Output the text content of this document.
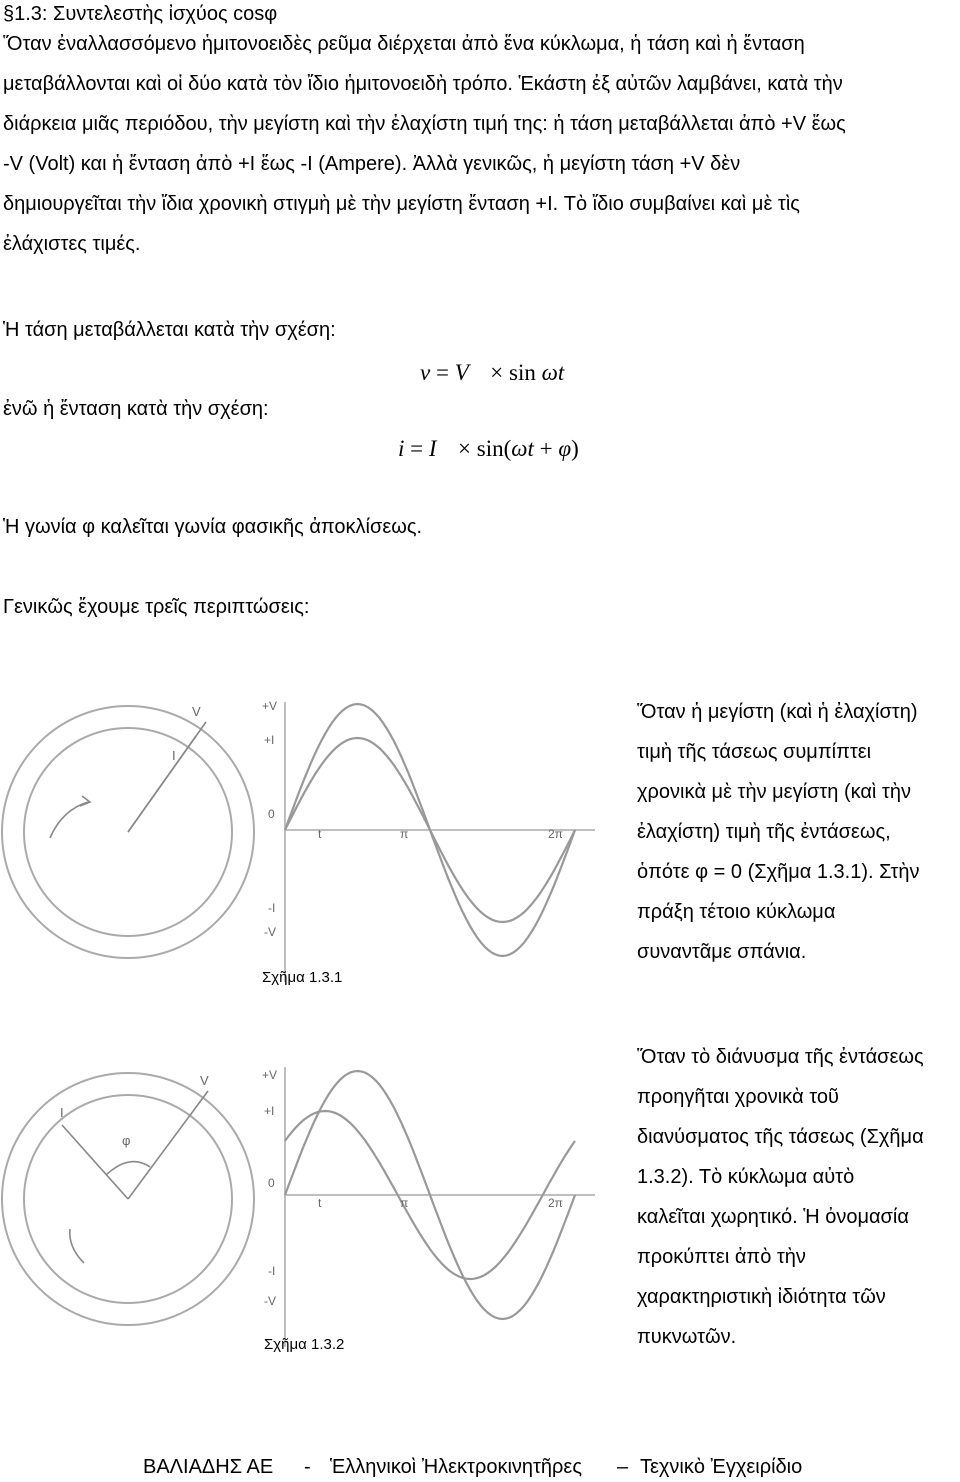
§1.3: Συντελεστὴς ἰσχύος cosφ
Ὅταν ἐναλλασσόμενο ἡμιτονοειδὲς ρεῦμα διέρχεται ἀπὸ ἕνα κύκλωμα, ἡ τάση καὶ ἡ ἔνταση
μεταβάλλονται καὶ οἱ δύο κατὰ τὸν ἴδιο ἡμιτονοειδὴ τρόπο. Ἑκάστη ἐξ αὐτῶν λαμβάνει, κατὰ τὴν
διάρκεια μιᾶς περιόδου, τὴν μεγίστη καὶ τὴν ἐλαχίστη τιμή της: ἡ τάση μεταβάλλεται ἀπὸ +V ἕως
-V (Volt) και ἡ ἔνταση ἀπὸ +I ἕως -I (Ampere). Ἀλλὰ γενικῶς, ἡ μεγίστη τάση +V δὲν
δημιουργεῖται τὴν ἴδια χρονικὴ στιγμὴ μὲ τὴν μεγίστη ἔνταση +I. Τὸ ἴδιο συμβαίνει καὶ μὲ τὶς
ἐλάχιστες τιμές.
Ἡ τάση μεταβάλλεται κατὰ τὴν σχέση:
ἐνῶ ἡ ἔνταση κατὰ τὴν σχέση:
v = V × sin ωt
i = I × sin(ωt + φ)
Ἡ γωνία φ καλεῖται γωνία φασικῆς ἀποκλίσεως.
Γενικῶς ἔχουμε τρεῖς περιπτώσεις:
V
I
+V
+I
0
t	π	2π
-I
-V
Σχῆμα 1.3.1
Ὅταν ἡ μεγίστη (καὶ ἡ ἐλαχίστη)
τιμὴ τῆς τάσεως συμπίπτει
χρονικὰ μὲ τὴν μεγίστη (καὶ τὴν
ἐλαχίστη) τιμὴ τῆς ἐντάσεως,
ὁπότε φ = 0 (Σχῆμα 1.3.1). Στὴν
πράξη τέτοιο κύκλωμα
συναντᾶμε σπάνια.
V
I
φ
+V
+I
0
t	π	2π
-I
-V
Σχῆμα 1.3.2
Ὅταν τὸ διάνυσμα τῆς ἐντάσεως
προηγῆται χρονικὰ τοῦ
διανύσματος τῆς τάσεως (Σχῆμα
1.3.2). Τὸ κύκλωμα αὐτὸ
καλεῖται χωρητικό. Ἡ ὀνομασία
προκύπτει ἀπὸ τὴν
χαρακτηριστικὴ ἰδιότητα τῶν
πυκνωτῶν.
ΒΑΛΙΑΔΗΣ ΑΕ - Ἑλληνικοὶ Ἠλεκτροκινητῆρες – Τεχνικὸ Ἐγχειρίδιο
